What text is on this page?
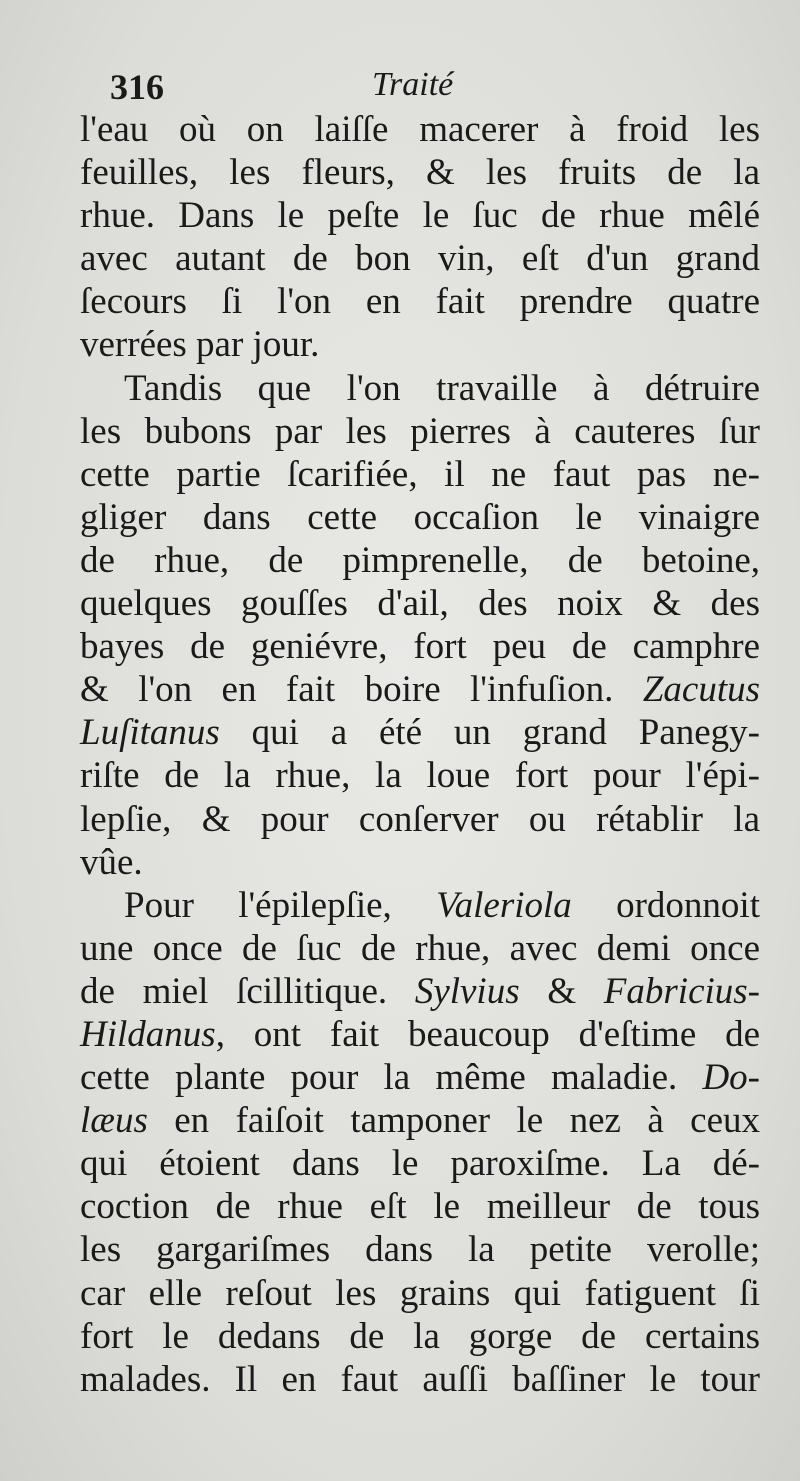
316	Traité
l'eau où on laiſſe macerer à froid les
feuilles, les fleurs, & les fruits de la
rhue. Dans le peſte le ſuc de rhue mêlé
avec autant de bon vin, eſt d'un grand
ſecours ſi l'on en fait prendre quatre
verrées par jour.
Tandis que l'on travaille à détruire
les bubons par les pierres à cauteres ſur
cette partie ſcarifiée, il ne faut pas ne-
gliger dans cette occaſion le vinaigre
de rhue, de pimprenelle, de betoine,
quelques gouſſes d'ail, des noix & des
bayes de geniévre, fort peu de camphre
& l'on en fait boire l'infuſion. Zacutus
Luſitanus qui a été un grand Panegy-
riſte de la rhue, la loue fort pour l'épi-
lepſie, & pour conſerver ou rétablir la
vûe.
Pour l'épilepſie, Valeriola ordonnoit
une once de ſuc de rhue, avec demi once
de miel ſcillitique. Sylvius & Fabricius-
Hildanus, ont fait beaucoup d'eſtime de
cette plante pour la même maladie. Do-
læus en faiſoit tamponer le nez à ceux
qui étoient dans le paroxiſme. La dé-
coction de rhue eſt le meilleur de tous
les gargariſmes dans la petite verolle;
car elle reſout les grains qui fatiguent ſi
fort le dedans de la gorge de certains
malades. Il en faut auſſi baſſiner le tour
